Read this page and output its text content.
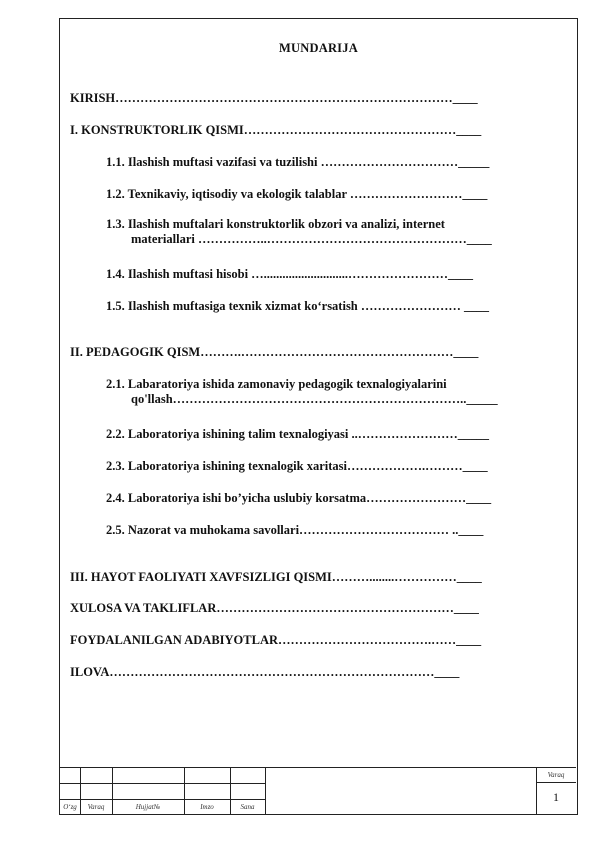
MUNDARIJA
KIRISH………………………………………………………………………____
I. KONSTRUKTORLIK QISMI……………………………………………____
1.1. Ilashish muftasi vazifasi va tuzilishi ……………………………_____
1.2. Texnikaviy, iqtisodiy va ekologik talablar ………………………____
1.3. Ilashish muftalari konstruktorlik obzori va analizi, internet
materiallari ……………..…………………………………………____
1.4. Ilashish muftasi hisobi …...........................……………………____
1.5. Ilashish muftasiga texnik xizmat ko‘rsatish …………………… ____
II. PEDAGOGIK QISM……….……………………………………………____
2.1. Labaratoriya ishida zamonaviy pedagogik texnalogiyalarini
qo'llash…………………………………………………………….._____
2.2. Laboratoriya ishining talim texnalogiyasi ..……………………_____
2.3. Laboratoriya ishining texnalogik xaritasi……………….………____
2.4. Laboratoriya ishi bo’yicha uslubiy korsatma……………………____
2.5. Nazorat va muhokama savollari……………………………… ..____
III. HAYOT FAOLIYATI XAVFSIZLIGI QISMI………........……………____
XULOSA VA TAKLIFLAR…………………………………………………____
FOYDALANILGAN ADABIYOTLAR……………………………….……____
ILOVA……………………………………………………………………____
O‘zg	Varaq	Hujjat№	Imzo	Sana
Varaq
1
